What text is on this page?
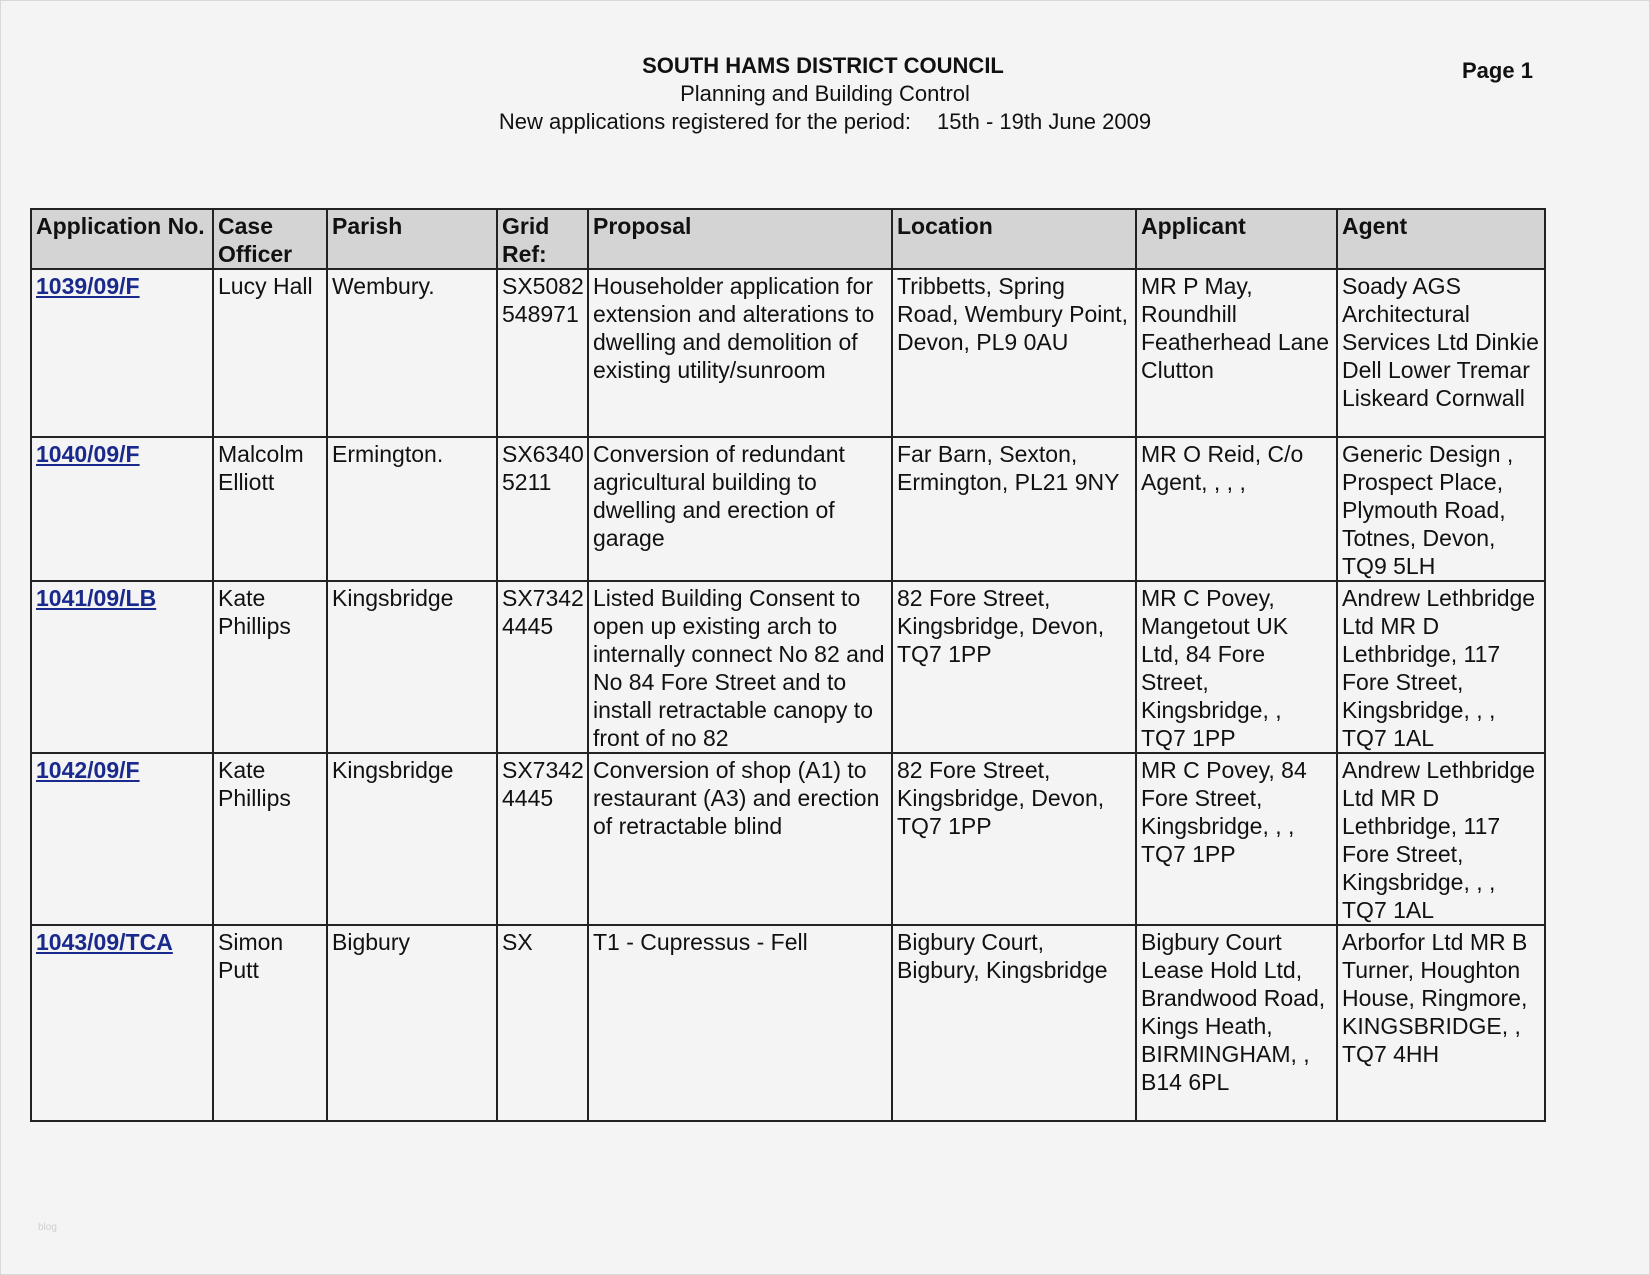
SOUTH HAMS DISTRICT COUNCIL
Planning and Building Control
New applications registered for the period: 15th - 19th June 2009
Page 1
Application No.	Case Officer	Parish	Grid Ref:	Proposal	Location	Applicant	Agent
1039/09/F	Lucy Hall	Wembury.	SX5082 548971	Householder application for extension and alterations to dwelling and demolition of existing utility/sunroom	Tribbetts, Spring Road, Wembury Point, Devon, PL9 0AU	MR P May, Roundhill Featherhead Lane Clutton	Soady AGS Architectural Services Ltd Dinkie Dell Lower Tremar Liskeard Cornwall
1040/09/F	Malcolm Elliott	Ermington.	SX6340 5211	Conversion of redundant agricultural building to dwelling and erection of garage	Far Barn, Sexton, Ermington, PL21 9NY	MR O Reid, C/o Agent, , , ,	Generic Design , Prospect Place, Plymouth Road, Totnes, Devon, TQ9 5LH
1041/09/LB	Kate Phillips	Kingsbridge	SX7342 4445	Listed Building Consent to open up existing arch to internally connect No 82 and No 84 Fore Street and to install retractable canopy to front of no 82	82 Fore Street, Kingsbridge, Devon, TQ7 1PP	MR C Povey, Mangetout UK Ltd, 84 Fore Street, Kingsbridge, , TQ7 1PP	Andrew Lethbridge Ltd MR D Lethbridge, 117 Fore Street, Kingsbridge, , , TQ7 1AL
1042/09/F	Kate Phillips	Kingsbridge	SX7342 4445	Conversion of shop (A1) to restaurant (A3) and erection of retractable blind	82 Fore Street, Kingsbridge, Devon, TQ7 1PP	MR C Povey, 84 Fore Street, Kingsbridge, , , TQ7 1PP	Andrew Lethbridge Ltd MR D Lethbridge, 117 Fore Street, Kingsbridge, , , TQ7 1AL
1043/09/TCA	Simon Putt	Bigbury	SX	T1 - Cupressus - Fell	Bigbury Court, Bigbury, Kingsbridge	Bigbury Court Lease Hold Ltd, Brandwood Road, Kings Heath, BIRMINGHAM, , B14 6PL	Arborfor Ltd MR B Turner, Houghton House, Ringmore, KINGSBRIDGE, , TQ7 4HH
blog
